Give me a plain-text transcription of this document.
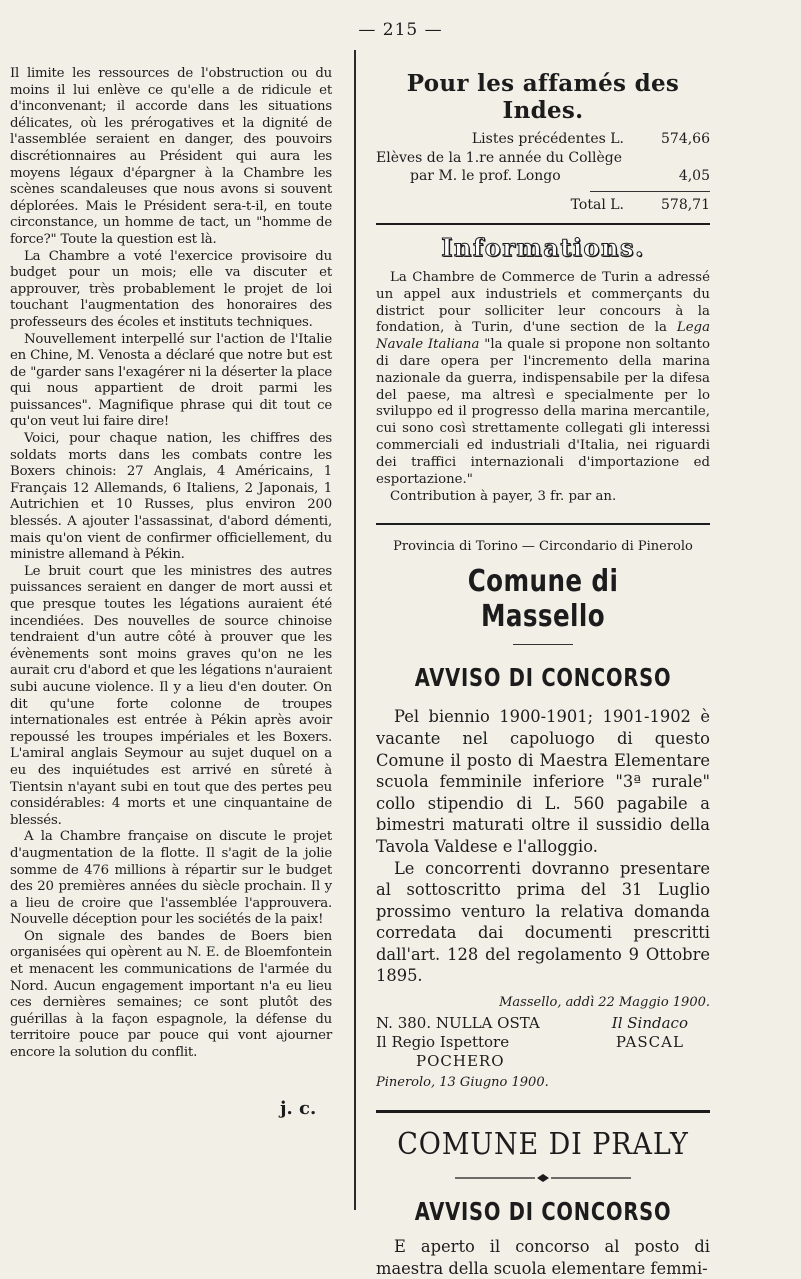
— 215 —

Il limite les ressources de l'obstruction ou du moins il lui enlève ce qu'elle a de ridicule et d'inconvenant; il accorde dans les situations délicates, où les prérogatives et la dignité de l'assemblée seraient en danger, des pouvoirs discrétionnaires au Président qui aura les moyens légaux d'épargner à la Chambre les scènes scandaleuses que nous avons si souvent déplorées. Mais le Président sera-t-il, en toute circonstance, un homme de tact, un "homme de force?" Toute la question est là.

La Chambre a voté l'exercice provisoire du budget pour un mois; elle va discuter et approuver, très probablement le projet de loi touchant l'augmentation des honoraires des professeurs des écoles et instituts techniques.

Nouvellement interpellé sur l'action de l'Italie en Chine, M. Venosta a déclaré que notre but est de "garder sans l'exagérer ni la déserter la place qui nous appartient de droit parmi les puissances". Magnifique phrase qui dit tout ce qu'on veut lui faire dire!

Voici, pour chaque nation, les chiffres des soldats morts dans les combats contre les Boxers chinois: 27 Anglais, 4 Américains, 1 Français 12 Allemands, 6 Italiens, 2 Japonais, 1 Autrichien et 10 Russes, plus environ 200 blessés. A ajouter l'assassinat, d'abord démenti, mais qu'on vient de confirmer officiellement, du ministre allemand à Pékin.

Le bruit court que les ministres des autres puissances seraient en danger de mort aussi et que presque toutes les légations auraient été incendiées. Des nouvelles de source chinoise tendraient d'un autre côté à prouver que les évènements sont moins graves qu'on ne les aurait cru d'abord et que les légations n'auraient subi aucune violence. Il y a lieu d'en douter. On dit qu'une forte colonne de troupes internationales est entrée à Pékin après avoir repoussé les troupes impériales et les Boxers. L'amiral anglais Seymour au sujet duquel on a eu des inquiétudes est arrivé en sûreté à Tientsin n'ayant subi en tout que des pertes peu considérables: 4 morts et une cinquantaine de blessés.

A la Chambre française on discute le projet d'augmentation de la flotte. Il s'agit de la jolie somme de 476 millions à répartir sur le budget des 20 premières années du siècle prochain. Il y a lieu de croire que l'assemblée l'approuvera. Nouvelle déception pour les sociétés de la paix!

On signale des bandes de Boers bien organisées qui opèrent au N. E. de Bloemfontein et menacent les communications de l'armée du Nord. Aucun engagement important n'a eu lieu ces dernières semaines; ce sont plutôt des guérillas à la façon espagnole, la défense du territoire pouce par pouce qui vont ajourner encore la solution du conflit.

j. c.
Pour les affamés des Indes.
Listes précédentes L.	574,66
Elèves de la 1.re année du Collège
par M. le prof. Longo	4,05
Total L.	578,71
Informations.

La Chambre de Commerce de Turin a adressé un appel aux industriels et commerçants du district pour solliciter leur concours à la fondation, à Turin, d'une section de la Lega Navale Italiana "la quale si propone non soltanto di dare opera per l'incremento della marina nazionale da guerra, indispensabile per la difesa del paese, ma altresì e specialmente per lo sviluppo ed il progresso della marina mercantile, cui sono così strettamente collegati gli interessi commerciali ed industriali d'Italia, nei riguardi dei traffici internazionali d'importazione ed esportazione."

Contribution à payer, 3 fr. par an.

Provincia di Torino — Circondario di Pinerolo
Comune di Massello
AVVISO DI CONCORSO

Pel biennio 1900-1901; 1901-1902 è vacante nel capoluogo di questo Comune il posto di Maestra Elementare scuola femminile inferiore "3ª rurale" collo stipendio di L. 560 pagabile a bimestri maturati oltre il sussidio della Tavola Valdese e l'alloggio.

Le concorrenti dovranno presentare al sottoscritto prima del 31 Luglio prossimo venturo la relativa domanda corredata dai documenti prescritti dall'art. 128 del regolamento 9 Ottobre 1895.

Massello, addì 22 Maggio 1900.
N. 380. NULLA OSTA
Il Regio Ispettore
POCHERO
Il Sindaco
PASCAL
Pinerolo, 13 Giugno 1900.
COMUNE DI PRALY
AVVISO DI CONCORSO

E aperto il concorso al posto di maestra della scuola elementare femmi-
